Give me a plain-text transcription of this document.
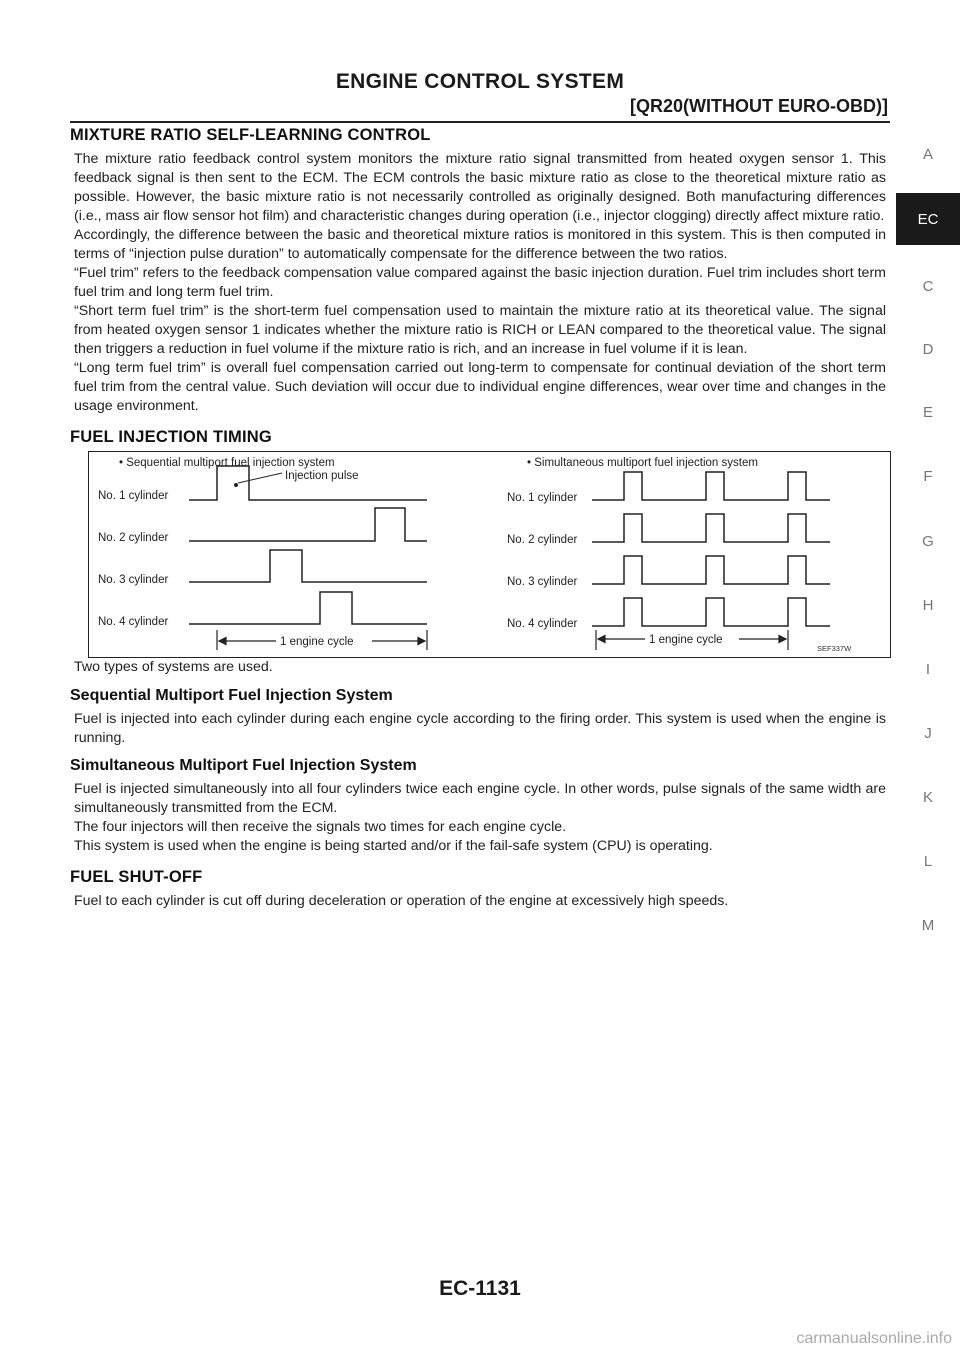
ENGINE CONTROL SYSTEM
[QR20(WITHOUT EURO-OBD)]
A
EC
C
D
E
F
G
H
I
J
K
L
M
MIXTURE RATIO SELF-LEARNING CONTROL

The mixture ratio feedback control system monitors the mixture ratio signal transmitted from heated oxygen sensor 1. This feedback signal is then sent to the ECM. The ECM controls the basic mixture ratio as close to the theoretical mixture ratio as possible. However, the basic mixture ratio is not necessarily controlled as originally designed. Both manufacturing differences (i.e., mass air flow sensor hot film) and characteristic changes during operation (i.e., injector clogging) directly affect mixture ratio.

Accordingly, the difference between the basic and theoretical mixture ratios is monitored in this system. This is then computed in terms of “injection pulse duration” to automatically compensate for the difference between the two ratios.

“Fuel trim” refers to the feedback compensation value compared against the basic injection duration. Fuel trim includes short term fuel trim and long term fuel trim.

“Short term fuel trim” is the short-term fuel compensation used to maintain the mixture ratio at its theoretical value. The signal from heated oxygen sensor 1 indicates whether the mixture ratio is RICH or LEAN compared to the theoretical value. The signal then triggers a reduction in fuel volume if the mixture ratio is rich, and an increase in fuel volume if it is lean.

“Long term fuel trim” is overall fuel compensation carried out long-term to compensate for continual deviation of the short term fuel trim from the central value. Such deviation will occur due to individual engine differences, wear over time and changes in the usage environment.

FUEL INJECTION TIMING
• Sequential multiport fuel injection system	• Simultaneous multiport fuel injection system
Injection pulse
No. 1 cylinder
No. 2 cylinder
No. 3 cylinder
No. 4 cylinder
No. 1 cylinder
No. 2 cylinder
No. 3 cylinder
No. 4 cylinder
1 engine cycle	1 engine cycle
SEF337W

Two types of systems are used.

Sequential Multiport Fuel Injection System

Fuel is injected into each cylinder during each engine cycle according to the firing order. This system is used when the engine is running.

Simultaneous Multiport Fuel Injection System

Fuel is injected simultaneously into all four cylinders twice each engine cycle. In other words, pulse signals of the same width are simultaneously transmitted from the ECM.

The four injectors will then receive the signals two times for each engine cycle.

This system is used when the engine is being started and/or if the fail-safe system (CPU) is operating.

FUEL SHUT-OFF

Fuel to each cylinder is cut off during deceleration or operation of the engine at excessively high speeds.

EC-1131
carmanualsonline.info
